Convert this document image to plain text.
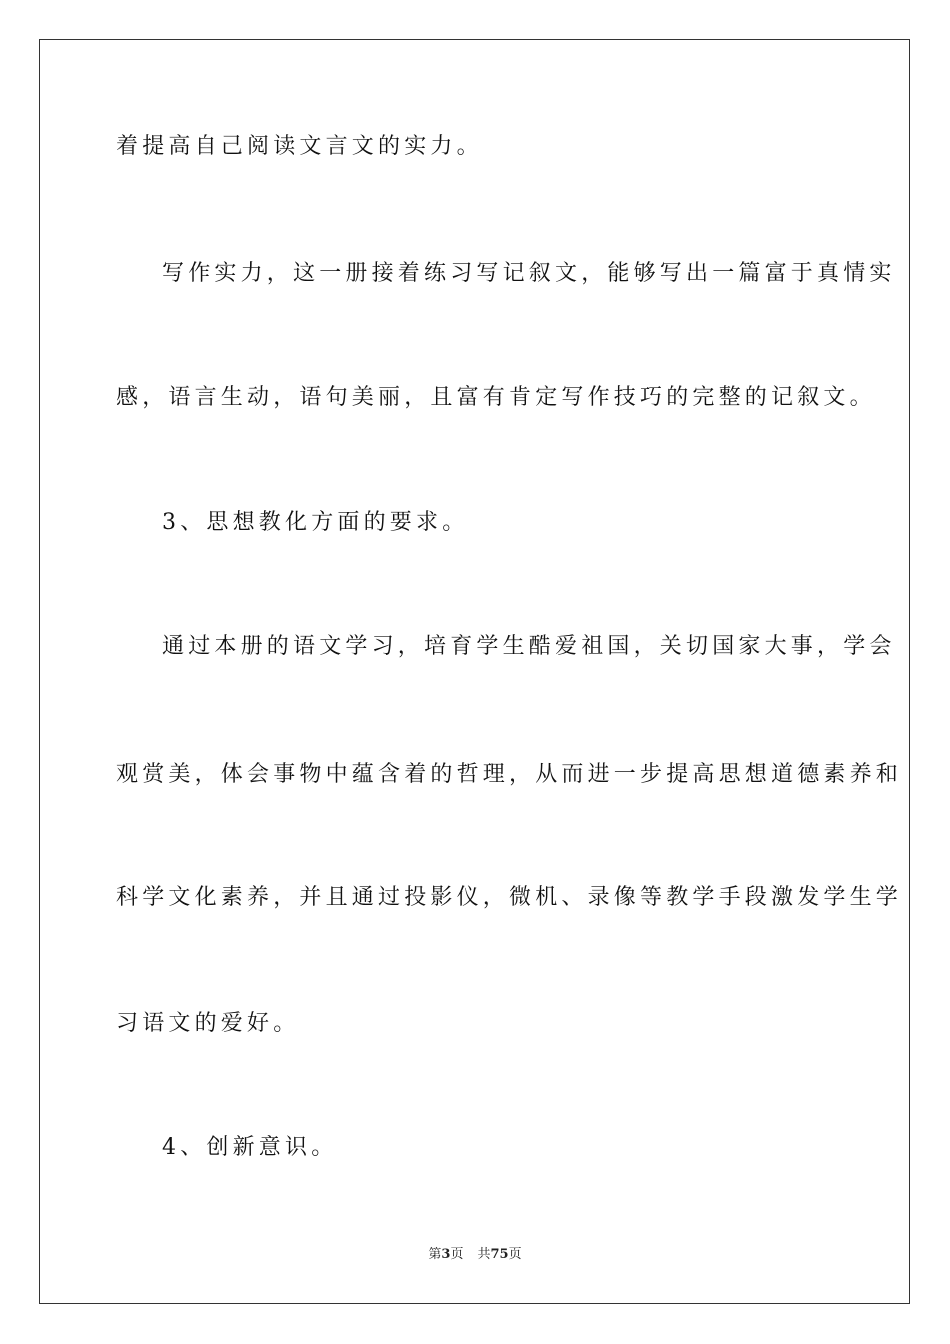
着提高自己阅读文言文的实力。
写作实力，这一册接着练习写记叙文，能够写出一篇富于真情实
感，语言生动，语句美丽，且富有肯定写作技巧的完整的记叙文。
3、思想教化方面的要求。
通过本册的语文学习，培育学生酷爱祖国，关切国家大事，学会
观赏美，体会事物中蕴含着的哲理，从而进一步提高思想道德素养和
科学文化素养，并且通过投影仪，微机、录像等教学手段激发学生学
习语文的爱好。
4、创新意识。
第3页 共75页
